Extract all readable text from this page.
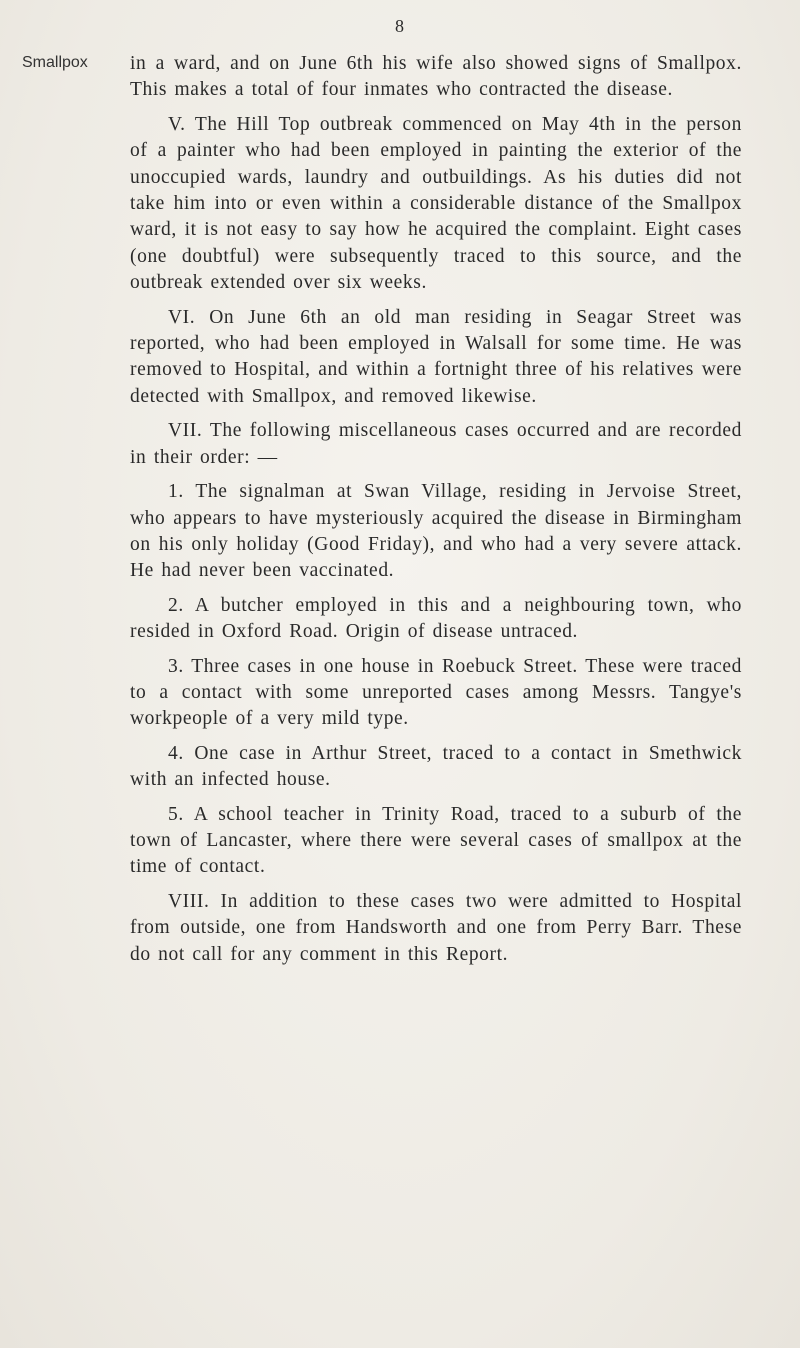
8
Smallpox in a ward, and on June 6th his wife also showed signs of Smallpox. This makes a total of four inmates who contracted the disease.

V. The Hill Top outbreak commenced on May 4th in the person of a painter who had been employed in painting the exterior of the unoccupied wards, laundry and outbuildings. As his duties did not take him into or even within a considerable distance of the Smallpox ward, it is not easy to say how he acquired the complaint. Eight cases (one doubtful) were subsequently traced to this source, and the outbreak extended over six weeks.

VI. On June 6th an old man residing in Seagar Street was reported, who had been employed in Walsall for some time. He was removed to Hospital, and within a fortnight three of his relatives were detected with Smallpox, and removed likewise.

VII. The following miscellaneous cases occurred and are recorded in their order: —

1. The signalman at Swan Village, residing in Jervoise Street, who appears to have mysteriously acquired the disease in Birmingham on his only holiday (Good Friday), and who had a very severe attack. He had never been vaccinated.

2. A butcher employed in this and a neighbouring town, who resided in Oxford Road. Origin of disease untraced.

3. Three cases in one house in Roebuck Street. These were traced to a contact with some unreported cases among Messrs. Tangye's workpeople of a very mild type.

4. One case in Arthur Street, traced to a contact in Smethwick with an infected house.

5. A school teacher in Trinity Road, traced to a suburb of the town of Lancaster, where there were several cases of smallpox at the time of contact.

VIII. In addition to these cases two were admitted to Hospital from outside, one from Handsworth and one from Perry Barr. These do not call for any comment in this Report.
